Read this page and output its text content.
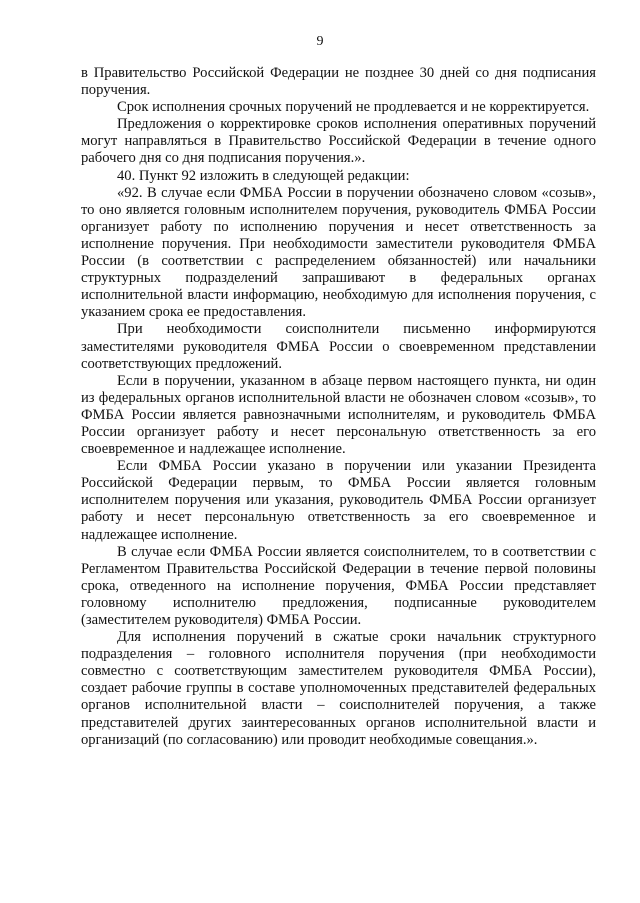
9

в Правительство Российской Федерации не позднее 30 дней со дня подписания поручения.

Срок исполнения срочных поручений не продлевается и не корректируется.

Предложения о корректировке сроков исполнения оперативных поручений могут направляться в Правительство Российской Федерации в течение одного рабочего дня со дня подписания поручения.».

40. Пункт 92 изложить в следующей редакции:

«92. В случае если ФМБА России в поручении обозначено словом «созыв», то оно является головным исполнителем поручения, руководитель ФМБА России организует работу по исполнению поручения и несет ответственность за исполнение поручения. При необходимости заместители руководителя ФМБА России (в соответствии с распределением обязанностей) или начальники структурных подразделений запрашивают в федеральных органах исполнительной власти информацию, необходимую для исполнения поручения, с указанием срока ее предоставления.

При необходимости соисполнители письменно информируются заместителями руководителя ФМБА России о своевременном представлении соответствующих предложений.

Если в поручении, указанном в абзаце первом настоящего пункта, ни один из федеральных органов исполнительной власти не обозначен словом «созыв», то ФМБА России является равнозначными исполнителям, и руководитель ФМБА России организует работу и несет персональную ответственность за его своевременное и надлежащее исполнение.

Если ФМБА России указано в поручении или указании Президента Российской Федерации первым, то ФМБА России является головным исполнителем поручения или указания, руководитель ФМБА России организует работу и несет персональную ответственность за его своевременное и надлежащее исполнение.

В случае если ФМБА России является соисполнителем, то в соответствии с Регламентом Правительства Российской Федерации в течение первой половины срока, отведенного на исполнение поручения, ФМБА России представляет головному исполнителю предложения, подписанные руководителем (заместителем руководителя) ФМБА России.

Для исполнения поручений в сжатые сроки начальник структурного подразделения – головного исполнителя поручения (при необходимости совместно с соответствующим заместителем руководителя ФМБА России), создает рабочие группы в составе уполномоченных представителей федеральных органов исполнительной власти – соисполнителей поручения, а также представителей других заинтересованных органов исполнительной власти и организаций (по согласованию) или проводит необходимые совещания.».
